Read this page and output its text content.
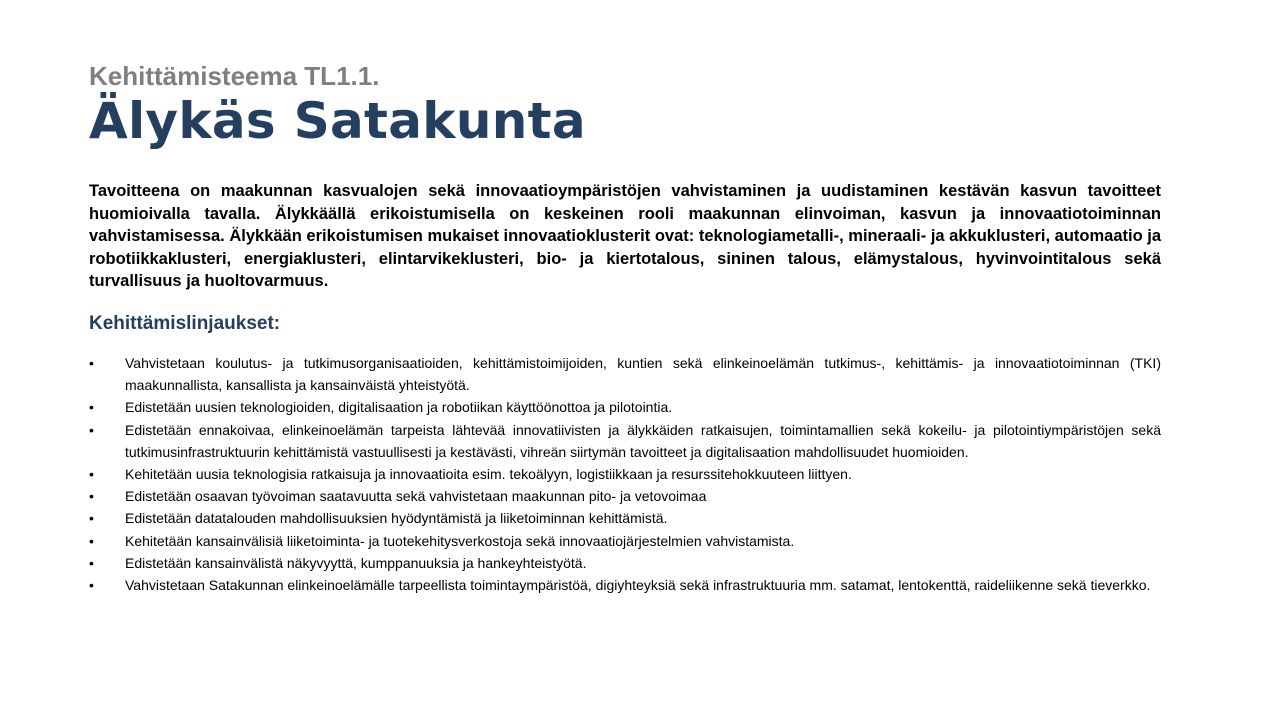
Kehittämisteema TL1.1.
Älykäs Satakunta

Tavoitteena on maakunnan kasvualojen sekä innovaatioympäristöjen vahvistaminen ja uudistaminen kestävän kasvun tavoitteet huomioivalla tavalla. Älykkäällä erikoistumisella on keskeinen rooli maakunnan elinvoiman, kasvun ja innovaatiotoiminnan vahvistamisessa. Älykkään erikoistumisen mukaiset innovaatioklusterit ovat: teknologiametalli-, mineraali- ja akkuklusteri, automaatio ja robotiikkaklusteri, energiaklusteri, elintarvikeklusteri, bio- ja kiertotalous, sininen talous, elämystalous, hyvinvointitalous sekä turvallisuus ja huoltovarmuus.

Kehittämislinjaukset:
• Vahvistetaan koulutus- ja tutkimusorganisaatioiden, kehittämistoimijoiden, kuntien sekä elinkeinoelämän tutkimus-, kehittämis- ja innovaatiotoiminnan (TKI) maakunnallista, kansallista ja kansainväistä yhteistyötä.
• Edistetään uusien teknologioiden, digitalisaation ja robotiikan käyttöönottoa ja pilotointia.
• Edistetään ennakoivaa, elinkeinoelämän tarpeista lähtevää innovatiivisten ja älykkäiden ratkaisujen, toimintamallien sekä kokeilu- ja pilotointiympäristöjen sekä tutkimusinfrastruktuurin kehittämistä vastuullisesti ja kestävästi, vihreän siirtymän tavoitteet ja digitalisaation mahdollisuudet huomioiden.
• Kehitetään uusia teknologisia ratkaisuja ja innovaatioita esim. tekoälyyn, logistiikkaan ja resurssitehokkuuteen liittyen.
• Edistetään osaavan työvoiman saatavuutta sekä vahvistetaan maakunnan pito- ja vetovoimaa
• Edistetään datatalouden mahdollisuuksien hyödyntämistä ja liiketoiminnan kehittämistä.
• Kehitetään kansainvälisiä liiketoiminta- ja tuotekehitysverkostoja sekä innovaatiojärjestelmien vahvistamista.
• Edistetään kansainvälistä näkyvyyttä, kumppanuuksia ja hankeyhteistyötä.
• Vahvistetaan Satakunnan elinkeinoelämälle tarpeellista toimintaympäristöä, digiyhteyksiä sekä infrastruktuuria mm. satamat, lentokenttä, raideliikenne sekä tieverkko.
